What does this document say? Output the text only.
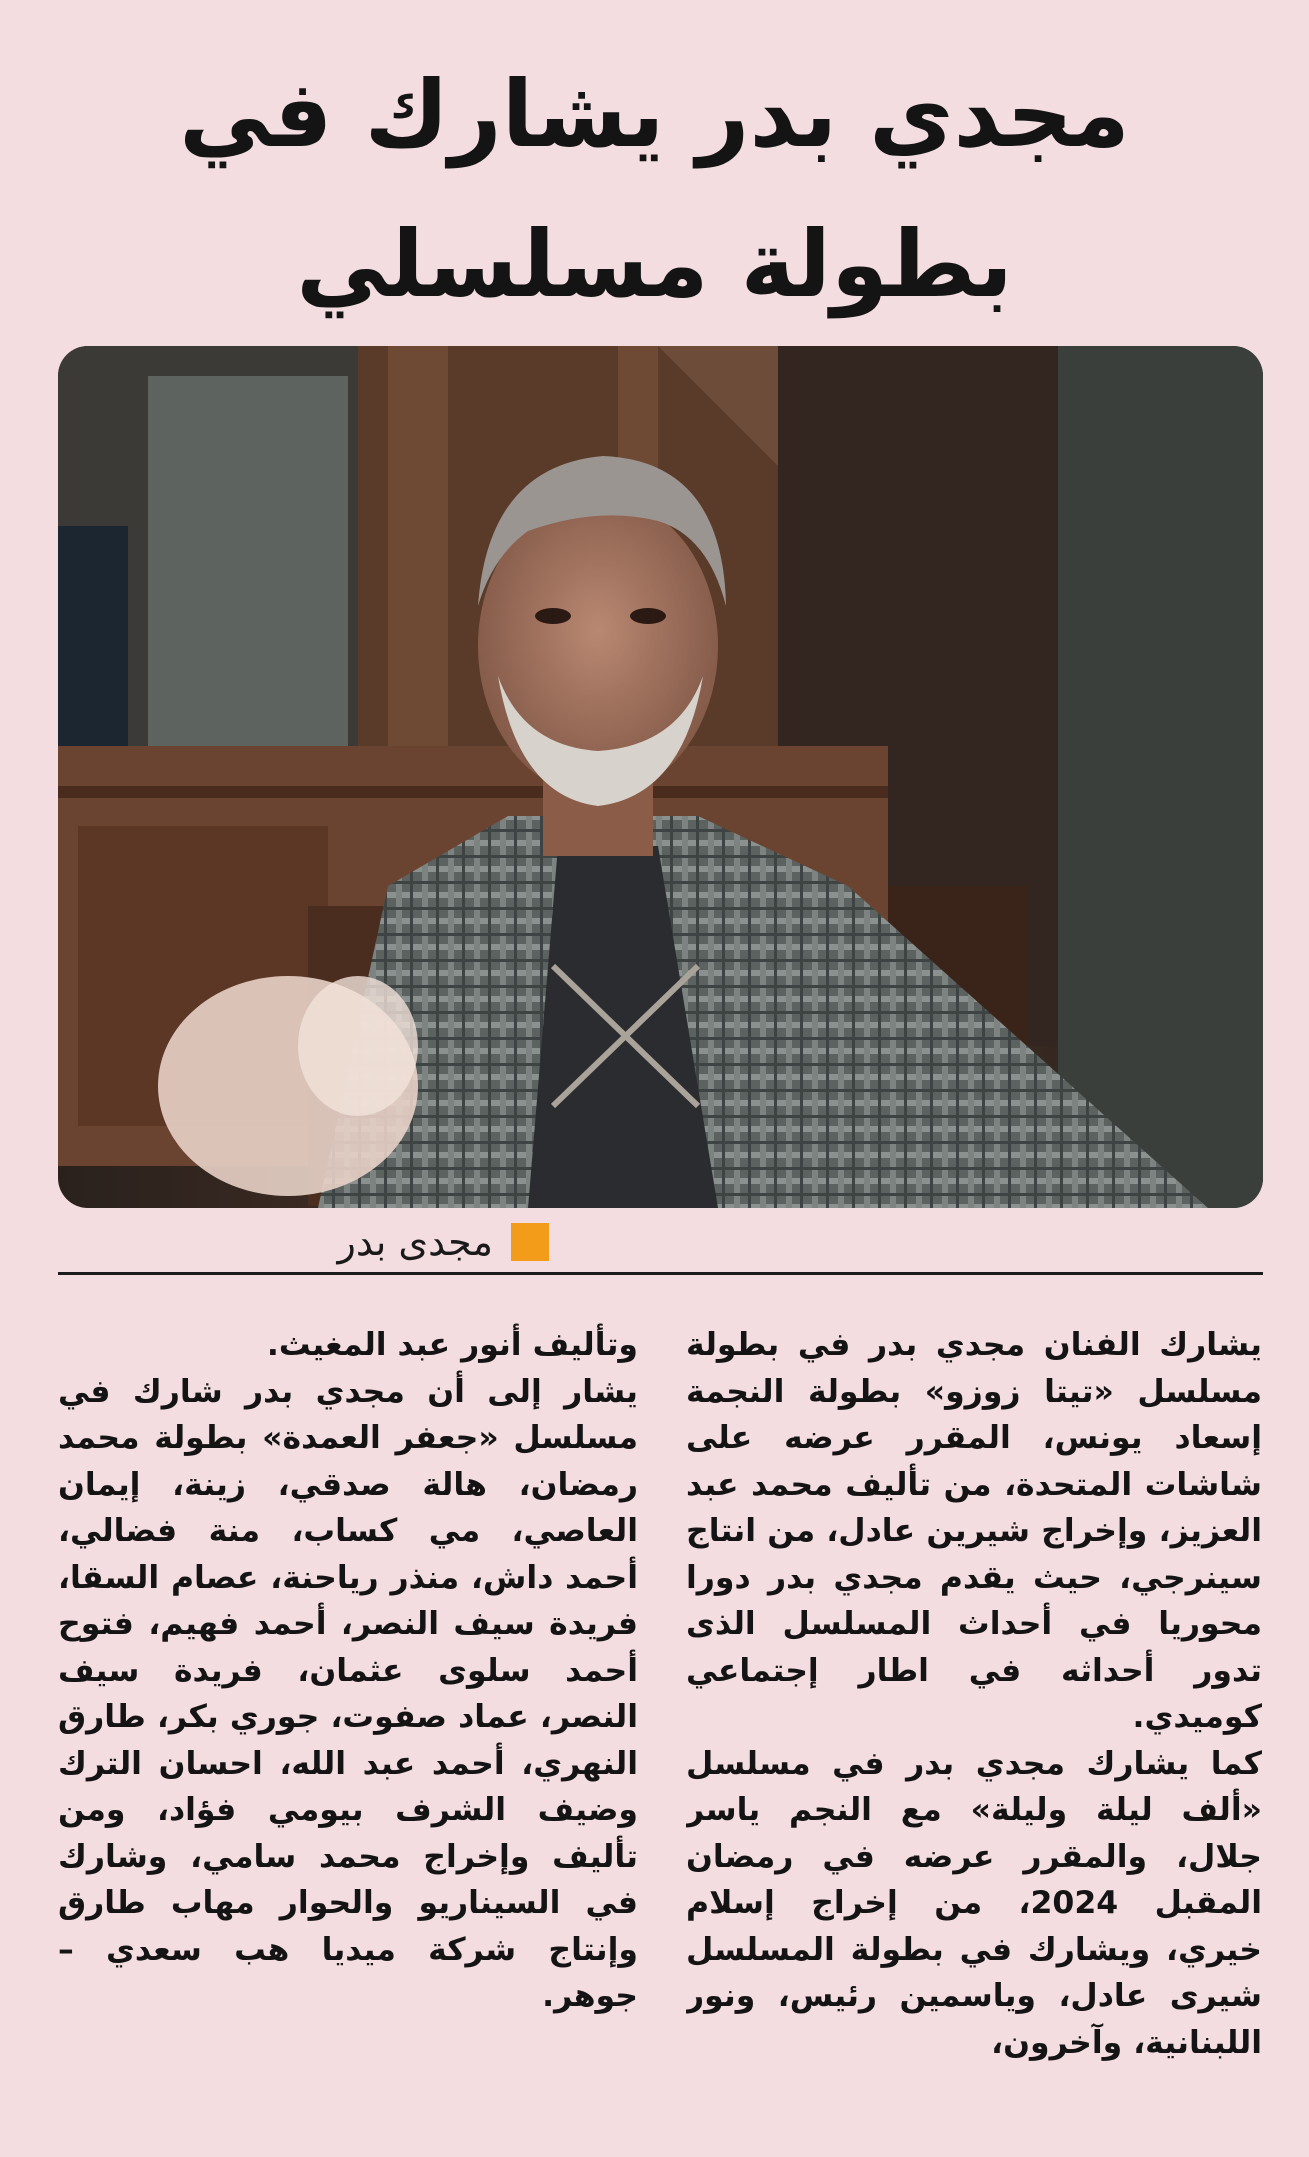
مجدي بدر يشارك في بطولة مسلسلي

مجدى بدر

يشارك الفنان مجدي بدر في بطولة مسلسل «تيتا زوزو» بطولة النجمة إسعاد يونس، المقرر عرضه على شاشات المتحدة، من تأليف محمد عبد العزيز، وإخراج شيرين عادل، من انتاج سينرجي، حيث يقدم مجدي بدر دورا محوريا في أحداث المسلسل الذى تدور أحداثه في اطار إجتماعي كوميدي.

كما يشارك مجدي بدر في مسلسل «ألف ليلة وليلة» مع النجم ياسر جلال، والمقرر عرضه في رمضان المقبل 2024، من إخراج إسلام خيري، ويشارك في بطولة المسلسل شيرى عادل، وياسمين رئيس، ونور اللبنانية، وآخرون،

وتأليف أنور عبد المغيث.

يشار إلى أن مجدي بدر شارك في مسلسل «جعفر العمدة» بطولة محمد رمضان، هالة صدقي، زينة، إيمان العاصي، مي كساب، منة فضالي، أحمد داش، منذر رياحنة، عصام السقا، فريدة سيف النصر، أحمد فهيم، فتوح أحمد سلوى عثمان، فريدة سيف النصر، عماد صفوت، جوري بكر، طارق النهري، أحمد عبد الله، احسان الترك وضيف الشرف بيومي فؤاد، ومن تأليف وإخراج محمد سامي، وشارك في السيناريو والحوار مهاب طارق وإنتاج شركة ميديا هب سعدي – جوهر.
